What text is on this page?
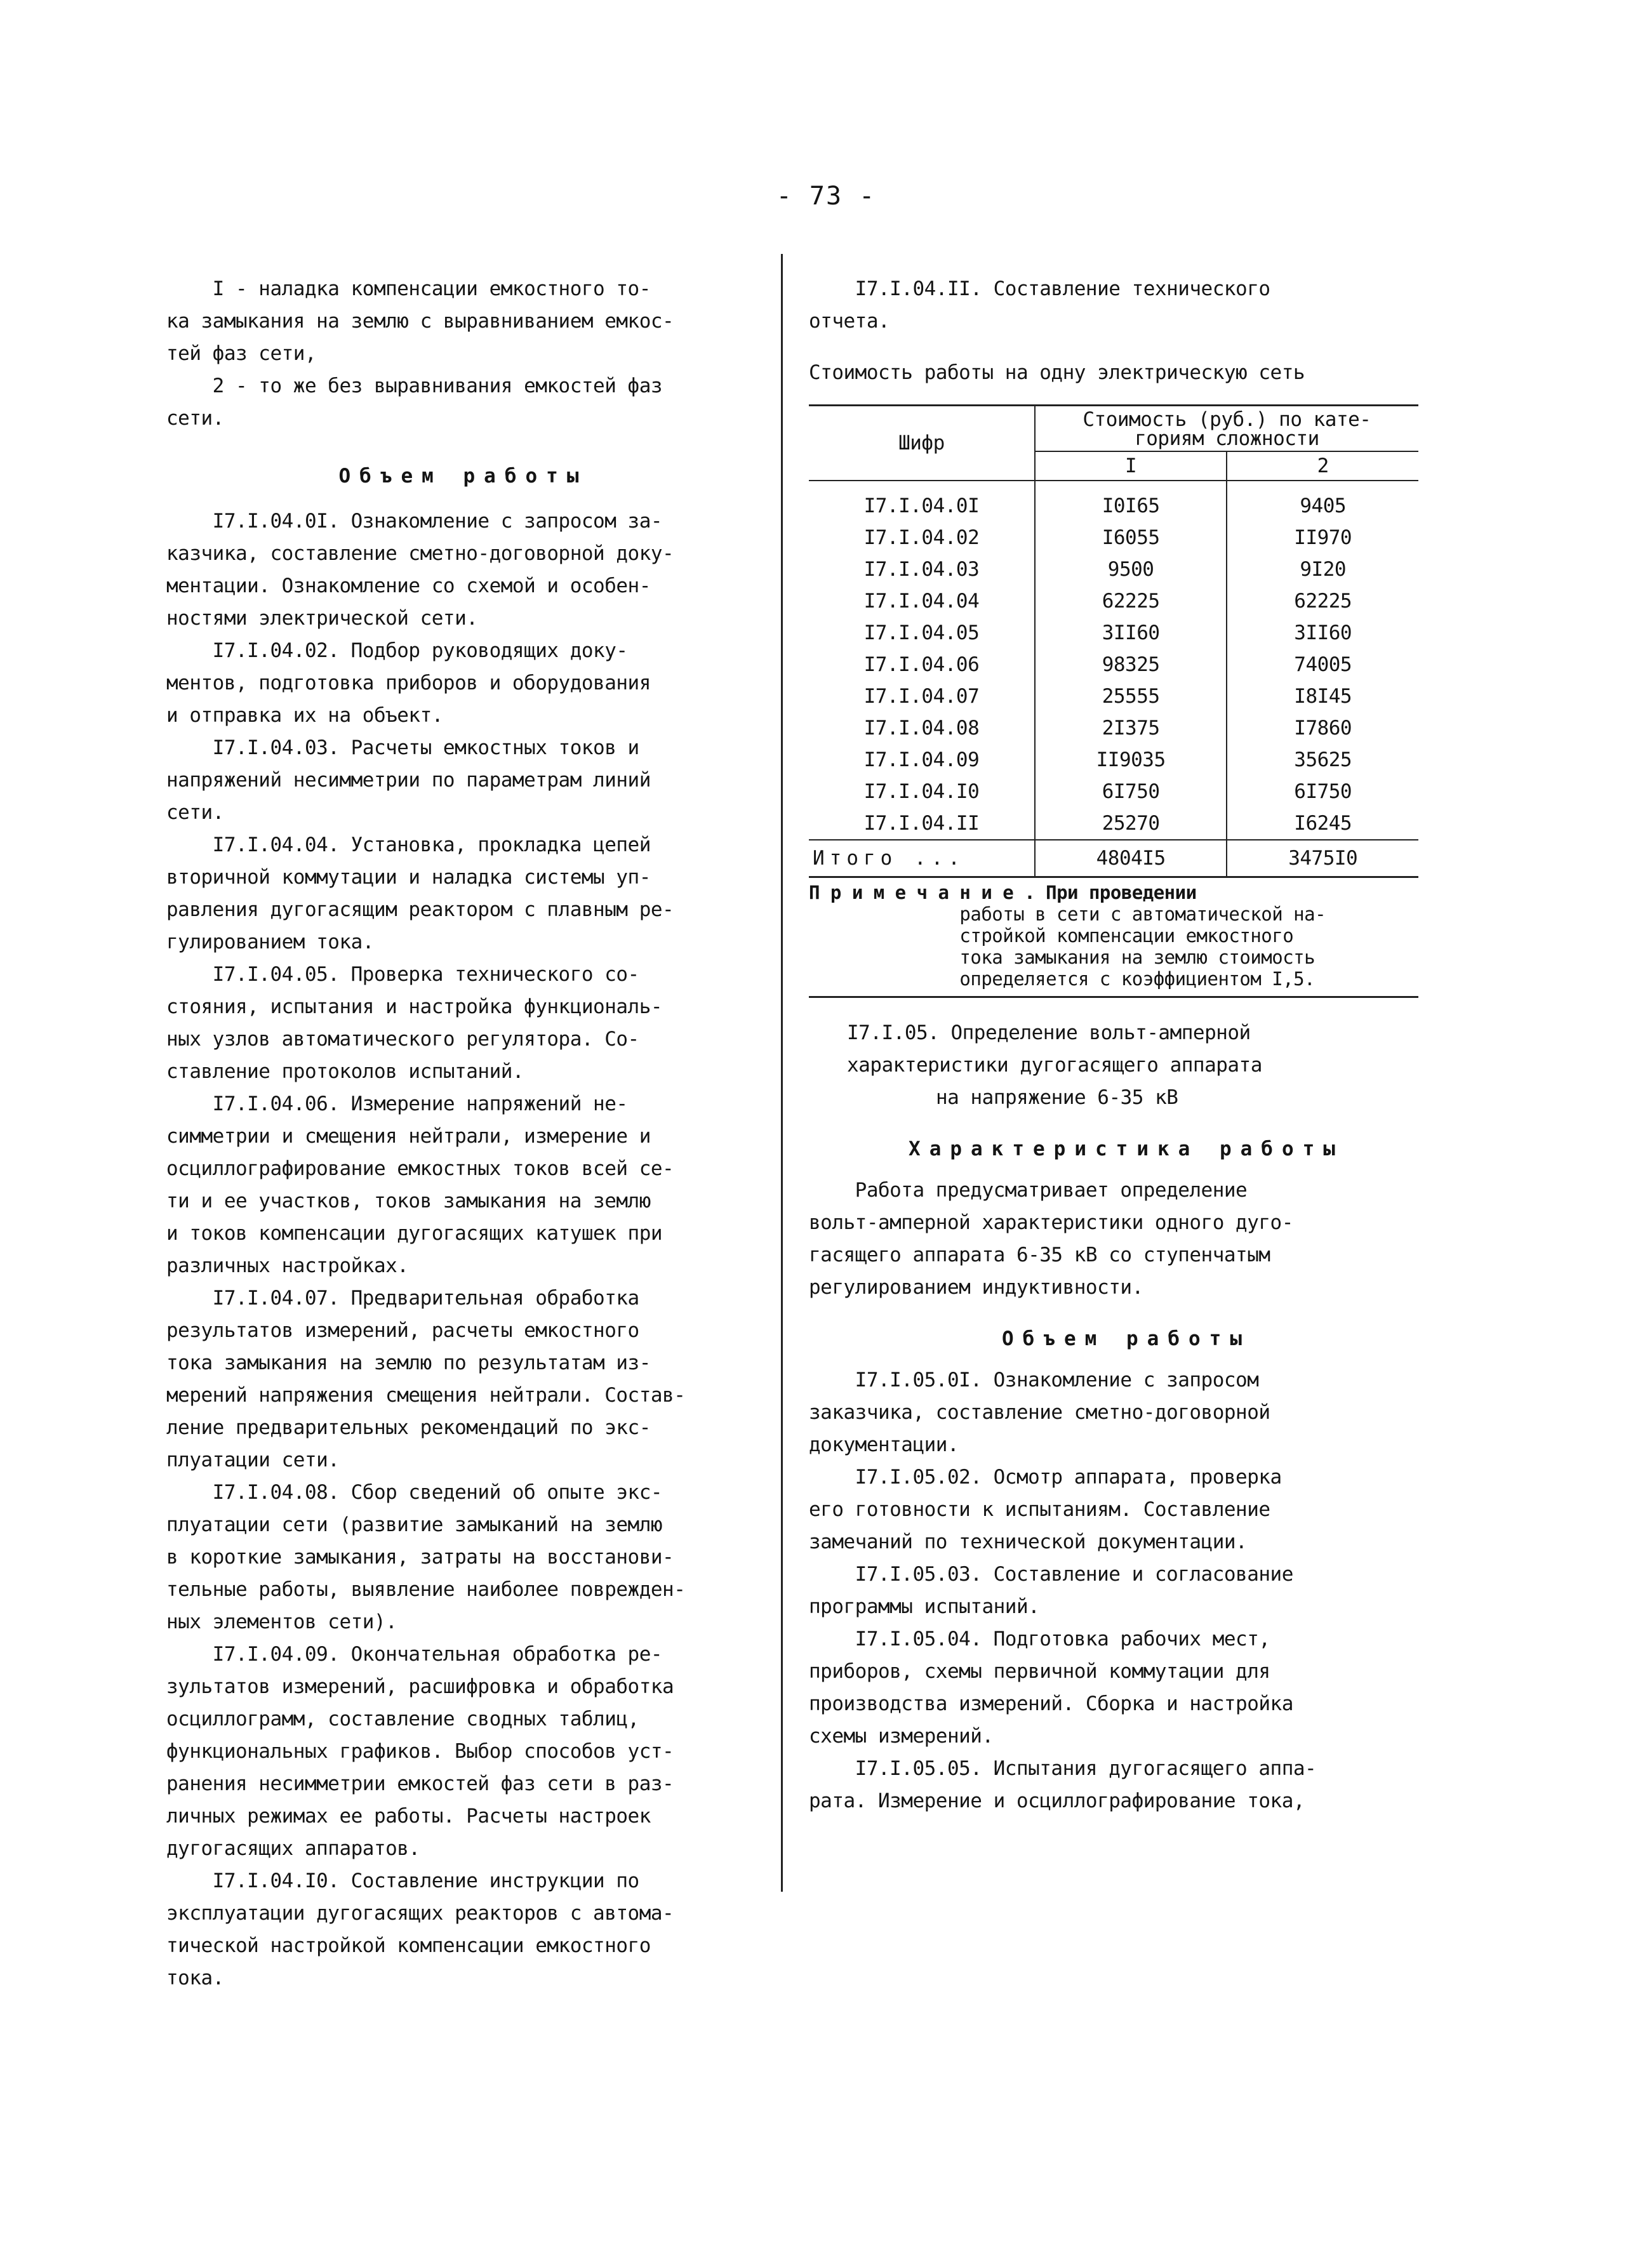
- 73 -
I - наладка компенсации емкостного то-
ка замыкания на землю с выравниванием емкос-
тей фаз сети,
2 - то же без выравнивания емкостей фаз
сети.
Объем работы
I7.I.04.0I. Ознакомление с запросом за-
казчика, составление сметно-договорной доку-
ментации. Ознакомление со схемой и особен-
ностями электрической сети.
I7.I.04.02. Подбор руководящих доку-
ментов, подготовка приборов и оборудования
и отправка их на объект.
I7.I.04.03. Расчеты емкостных токов и
напряжений несимметрии по параметрам линий
сети.
I7.I.04.04. Установка, прокладка цепей
вторичной коммутации и наладка системы уп-
равления дугогасящим реактором с плавным ре-
гулированием тока.
I7.I.04.05. Проверка технического со-
стояния, испытания и настройка функциональ-
ных узлов автоматического регулятора. Со-
ставление протоколов испытаний.
I7.I.04.06. Измерение напряжений не-
симметрии и смещения нейтрали, измерение и
осциллографирование емкостных токов всей се-
ти и ее участков, токов замыкания на землю
и токов компенсации дугогасящих катушек при
различных настройках.
I7.I.04.07. Предварительная обработка
результатов измерений, расчеты емкостного
тока замыкания на землю по результатам из-
мерений напряжения смещения нейтрали. Состав-
ление предварительных рекомендаций по экс-
плуатации сети.
I7.I.04.08. Сбор сведений об опыте экс-
плуатации сети (развитие замыканий на землю
в короткие замыкания, затраты на восстанови-
тельные работы, выявление наиболее поврежден-
ных элементов сети).
I7.I.04.09. Окончательная обработка ре-
зультатов измерений, расшифровка и обработка
осциллограмм, составление сводных таблиц,
функциональных графиков. Выбор способов уст-
ранения несимметрии емкостей фаз сети в раз-
личных режимах ее работы. Расчеты настроек
дугогасящих аппаратов.
I7.I.04.I0. Составление инструкции по
эксплуатации дугогасящих реакторов с автома-
тической настройкой компенсации емкостного
тока.
I7.I.04.II. Составление технического
отчета.
Стоимость работы на одну электрическую сеть
Шифр	Стоимость (руб.) по кате-
гориям сложности	

	I	2
I7.I.04.0I	I0I65	9405
I7.I.04.02	I6055	II970
I7.I.04.03	9500	9I20
I7.I.04.04	62225	62225
I7.I.04.05	3II60	3II60
I7.I.04.06	98325	74005
I7.I.04.07	25555	I8I45
I7.I.04.08	2I375	I7860
I7.I.04.09	II9035	35625
I7.I.04.I0	6I750	6I750
I7.I.04.II	25270	I6245
Итого ...	4804I5	3475I0
П р и м е ч а н и е . При проведении
работы в сети с автоматической на-
стройкой компенсации емкостного
тока замыкания на землю стоимость
определяется с коэффициентом I,5.
I7.I.05. Определение вольт-амперной
характеристики дугогасящего аппарата
на напряжение 6-35 кВ
Характеристика работы
Работа предусматривает определение
вольт-амперной характеристики одного дуго-
гасящего аппарата 6-35 кВ со ступенчатым
регулированием индуктивности.
Объем работы
I7.I.05.0I. Ознакомление с запросом
заказчика, составление сметно-договорной
документации.
I7.I.05.02. Осмотр аппарата, проверка
его готовности к испытаниям. Составление
замечаний по технической документации.
I7.I.05.03. Составление и согласование
программы испытаний.
I7.I.05.04. Подготовка рабочих мест,
приборов, схемы первичной коммутации для
производства измерений. Сборка и настройка
схемы измерений.
I7.I.05.05. Испытания дугогасящего аппа-
рата. Измерение и осциллографирование тока,
